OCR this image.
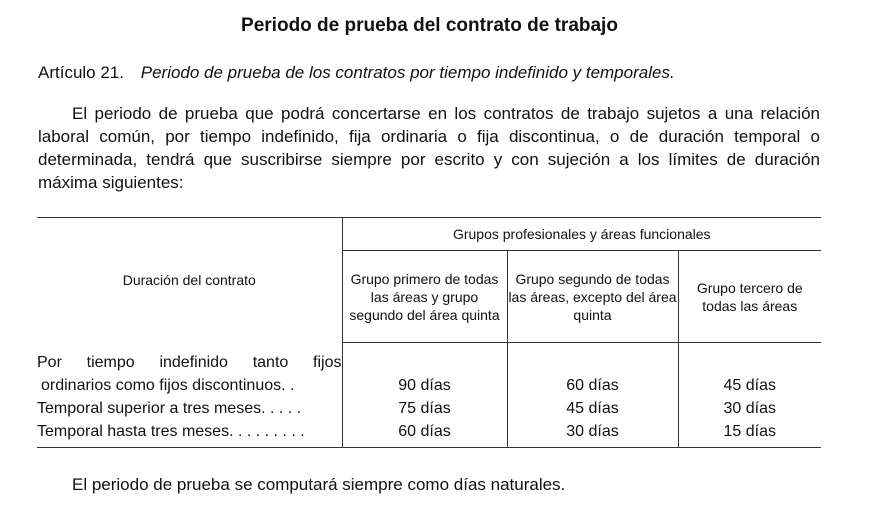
Periodo de prueba del contrato de trabajo
Artículo 21. Periodo de prueba de los contratos por tiempo indefinido y temporales.
El periodo de prueba que podrá concertarse en los contratos de trabajo sujetos a una relación laboral común, por tiempo indefinido, fija ordinaria o fija discontinua, o de duración temporal o determinada, tendrá que suscribirse siempre por escrito y con sujeción a los límites de duración máxima siguientes:
Duración del contrato	Grupos profesionales y áreas funcionales		
	Grupo primero de todas las áreas y grupo segundo del área quinta	Grupo segundo de todas las áreas, excepto del área quinta	Grupo tercero de todas las áreas

Por tiempo indefinido tanto fijos
ordinarios como fijos discontinuos. .	90 días	60 días	45 días
Temporal superior a tres meses. . . . .	75 días	45 días	30 días
Temporal hasta tres meses. . . . . . . . .	60 días	30 días	15 días
El periodo de prueba se computará siempre como días naturales.
